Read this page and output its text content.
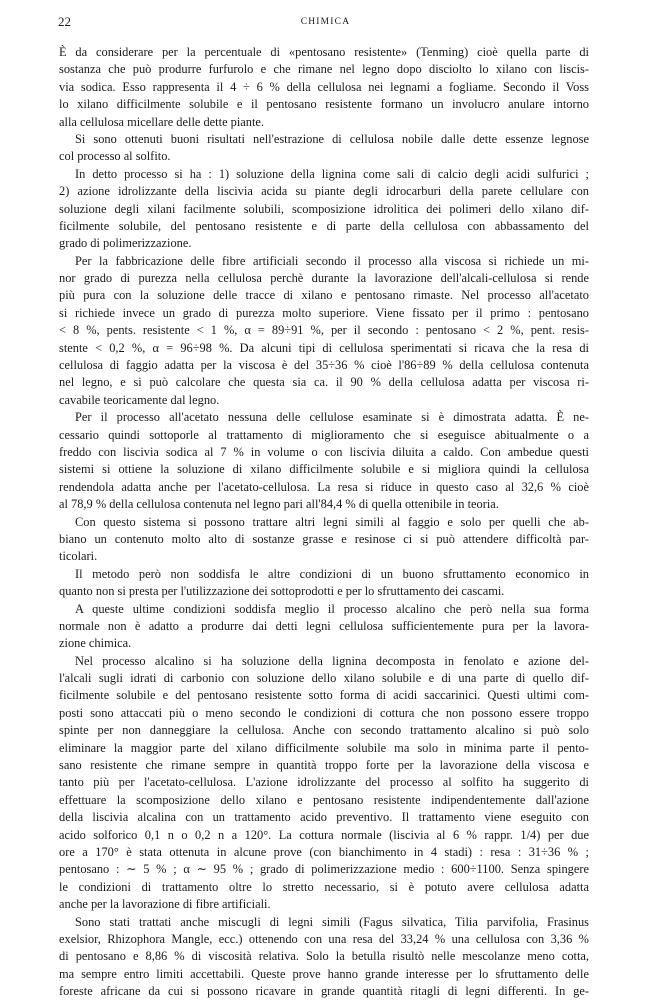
22	CHIMICA
È da considerare per la percentuale di «pentosano resistente» (Tenming) cioè quella parte di
sostanza che può produrre furfurolo e che rimane nel legno dopo disciolto lo xilano con liscis-
via sodica. Esso rappresenta il 4 ÷ 6 % della cellulosa nei legnami a fogliame. Secondo il Voss
lo xilano difficilmente solubile e il pentosano resistente formano un involucro anulare intorno
alla cellulosa micellare delle dette piante.
Si sono ottenuti buoni risultati nell'estrazione di cellulosa nobile dalle dette essenze legnose
col processo al solfito.
In detto processo si ha : 1) soluzione della lignina come sali di calcio degli acidi sulfurici ;
2) azione idrolizzante della liscivia acida su piante degli idrocarburi della parete cellulare con
soluzione degli xilani facilmente solubili, scomposizione idrolitica dei polimeri dello xilano dif-
ficilmente solubile, del pentosano resistente e di parte della cellulosa con abbassamento del
grado di polimerizzazione.
Per la fabbricazione delle fibre artificiali secondo il processo alla viscosa si richiede un mi-
nor grado di purezza nella cellulosa perchè durante la lavorazione dell'alcali-cellulosa si rende
più pura con la soluzione delle tracce di xilano e pentosano rimaste. Nel processo all'acetato
si richiede invece un grado di purezza molto superiore. Viene fissato per il primo : pentosano
< 8 %, pents. resistente < 1 %, α = 89÷91 %, per il secondo : pentosano < 2 %, pent. resis-
stente < 0,2 %, α = 96÷98 %. Da alcuni tipi di cellulosa sperimentati si ricava che la resa di
cellulosa di faggio adatta per la viscosa è del 35÷36 % cioè l'86÷89 % della cellulosa contenuta
nel legno, e si può calcolare che questa sia ca. il 90 % della cellulosa adatta per viscosa ri-
cavabile teoricamente dal legno.
Per il processo all'acetato nessuna delle cellulose esaminate si è dimostrata adatta. È ne-
cessario quindi sottoporle al trattamento di miglioramento che si eseguisce abitualmente o a
freddo con liscivia sodica al 7 % in volume o con liscivia diluita a caldo. Con ambedue questi
sistemi si ottiene la soluzione di xilano difficilmente solubile e si migliora quindi la cellulosa
rendendola adatta anche per l'acetato-cellulosa. La resa si riduce in questo caso al 32,6 % cioè
al 78,9 % della cellulosa contenuta nel legno pari all'84,4 % di quella ottenibile in teoria.
Con questo sistema si possono trattare altri legni simili al faggio e solo per quelli che ab-
biano un contenuto molto alto di sostanze grasse e resinose ci si può attendere difficoltà par-
ticolari.
Il metodo però non soddisfa le altre condizioni di un buono sfruttamento economico in
quanto non si presta per l'utilizzazione dei sottoprodotti e per lo sfruttamento dei cascami.
A queste ultime condizioni soddisfa meglio il processo alcalino che però nella sua forma
normale non è adatto a produrre dai detti legni cellulosa sufficientemente pura per la lavora-
zione chimica.
Nel processo alcalino si ha soluzione della lignina decomposta in fenolato e azione del-
l'alcali sugli idrati di carbonio con soluzione dello xilano solubile e di una parte di quello dif-
ficilmente solubile e del pentosano resistente sotto forma di acidi saccarinici. Questi ultimi com-
posti sono attaccati più o meno secondo le condizioni di cottura che non possono essere troppo
spinte per non danneggiare la cellulosa. Anche con secondo trattamento alcalino si può solo
eliminare la maggior parte del xilano difficilmente solubile ma solo in minima parte il pento-
sano resistente che rimane sempre in quantità troppo forte per la lavorazione della viscosa e
tanto più per l'acetato-cellulosa. L'azione idrolizzante del processo al solfito ha suggerito di
effettuare la scomposizione dello xilano e pentosano resistente indipendentemente dall'azione
della liscivia alcalina con un trattamento acido preventivo. Il trattamento viene eseguito con
acido solforico 0,1 n o 0,2 n a 120°. La cottura normale (liscivia al 6 % rappr. 1/4) per due
ore a 170° è stata ottenuta in alcune prove (con bianchimento in 4 stadi) : resa : 31÷36 % ;
pentosano : ∼ 5 % ; α ∼ 95 % ; grado di polimerizzazione medio : 600÷1100. Senza spingere
le condizioni di trattamento oltre lo stretto necessario, si è potuto avere cellulosa adatta
anche per la lavorazione di fibre artificiali.
Sono stati trattati anche miscugli di legni simili (Fagus silvatica, Tilia parvifolia, Frasinus
exelsior, Rhizophora Mangle, ecc.) ottenendo con una resa del 33,24 % una cellulosa con 3,36 %
di pentosano e 8,86 % di viscosità relativa. Solo la betulla risultò nelle mescolanze meno cotta,
ma sempre entro limiti accettabili. Queste prove hanno grande interesse per lo sfruttamento delle
foreste africane da cui si possono ricavare in grande quantità ritagli di legni differenti. In ge-
